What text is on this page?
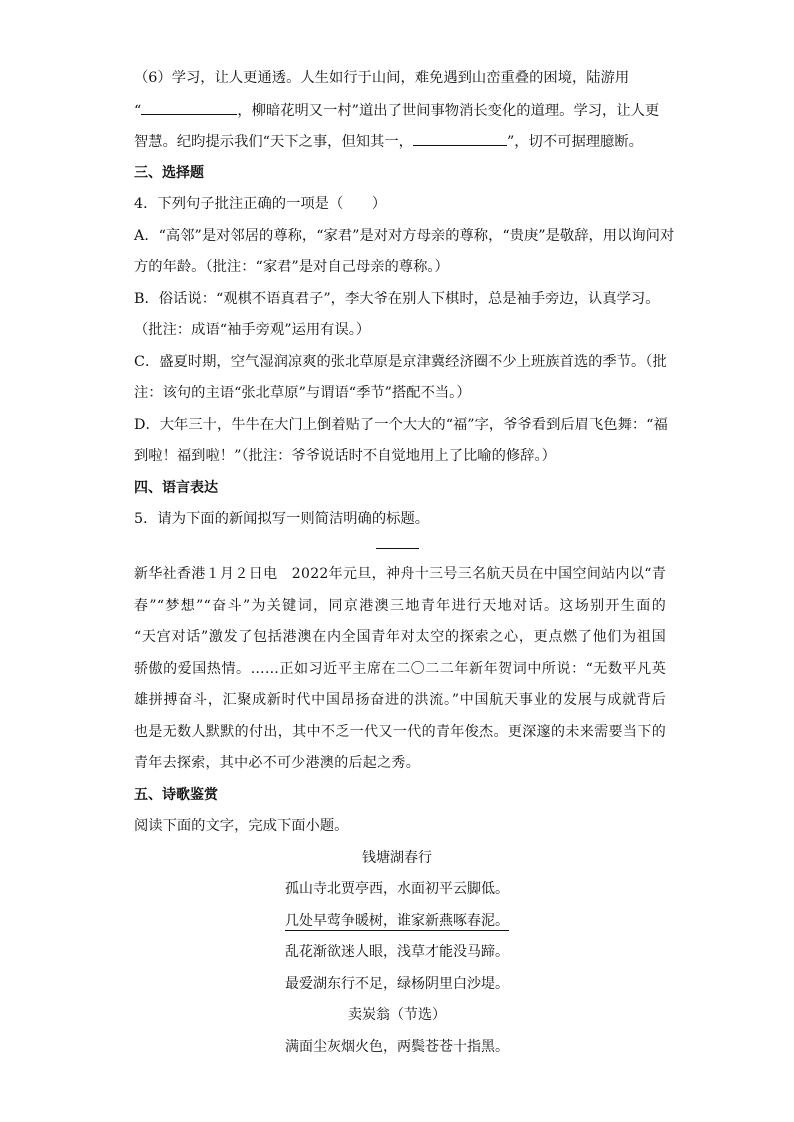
（6）学习，让人更通透。人生如行于山间，难免遇到山峦重叠的困境，陆游用
“	，柳暗花明又一村”道出了世间事物消长变化的道理。学习，让人更
智慧。纪昀提示我们“天下之事，但知其一，	”，切不可据理臆断。
三、选择题
4．下列句子批注正确的一项是（　　）
A．“高邻”是对邻居的尊称，“家君”是对对方母亲的尊称，“贵庚”是敬辞，用以询问对
方的年龄。（批注：“家君”是对自己母亲的尊称。）
B．俗话说：“观棋不语真君子”，李大爷在别人下棋时，总是袖手旁边，认真学习。
（批注：成语“袖手旁观”运用有误。）
C．盛夏时期，空气湿润凉爽的张北草原是京津冀经济圈不少上班族首选的季节。（批
注：该句的主语“张北草原”与谓语“季节”搭配不当。）
D．大年三十，牛牛在大门上倒着贴了一个大大的“福”字，爷爷看到后眉飞色舞：“福
到啦！福到啦！”（批注：爷爷说话时不自觉地用上了比喻的修辞。）
四、语言表达
5．请为下面的新闻拟写一则简洁明确的标题。
新华社香港１月２日电　2022年元旦，神舟十三号三名航天员在中国空间站内以“青
春”“梦想”“奋斗”为关键词，同京港澳三地青年进行天地对话。这场别开生面的
“天宫对话”激发了包括港澳在内全国青年对太空的探索之心，更点燃了他们为祖国
骄傲的爱国热情。……正如习近平主席在二〇二二年新年贺词中所说：“无数平凡英
雄拼搏奋斗，汇聚成新时代中国昂扬奋进的洪流。”中国航天事业的发展与成就背后
也是无数人默默的付出，其中不乏一代又一代的青年俊杰。更深邃的未来需要当下的
青年去探索，其中必不可少港澳的后起之秀。
五、诗歌鉴赏
阅读下面的文字，完成下面小题。
钱塘湖春行
孤山寺北贾亭西，水面初平云脚低。
几处早莺争暖树，谁家新燕啄春泥。
乱花渐欲迷人眼，浅草才能没马蹄。
最爱湖东行不足，绿杨阴里白沙堤。
卖炭翁（节选）
满面尘灰烟火色，两鬓苍苍十指黑。
